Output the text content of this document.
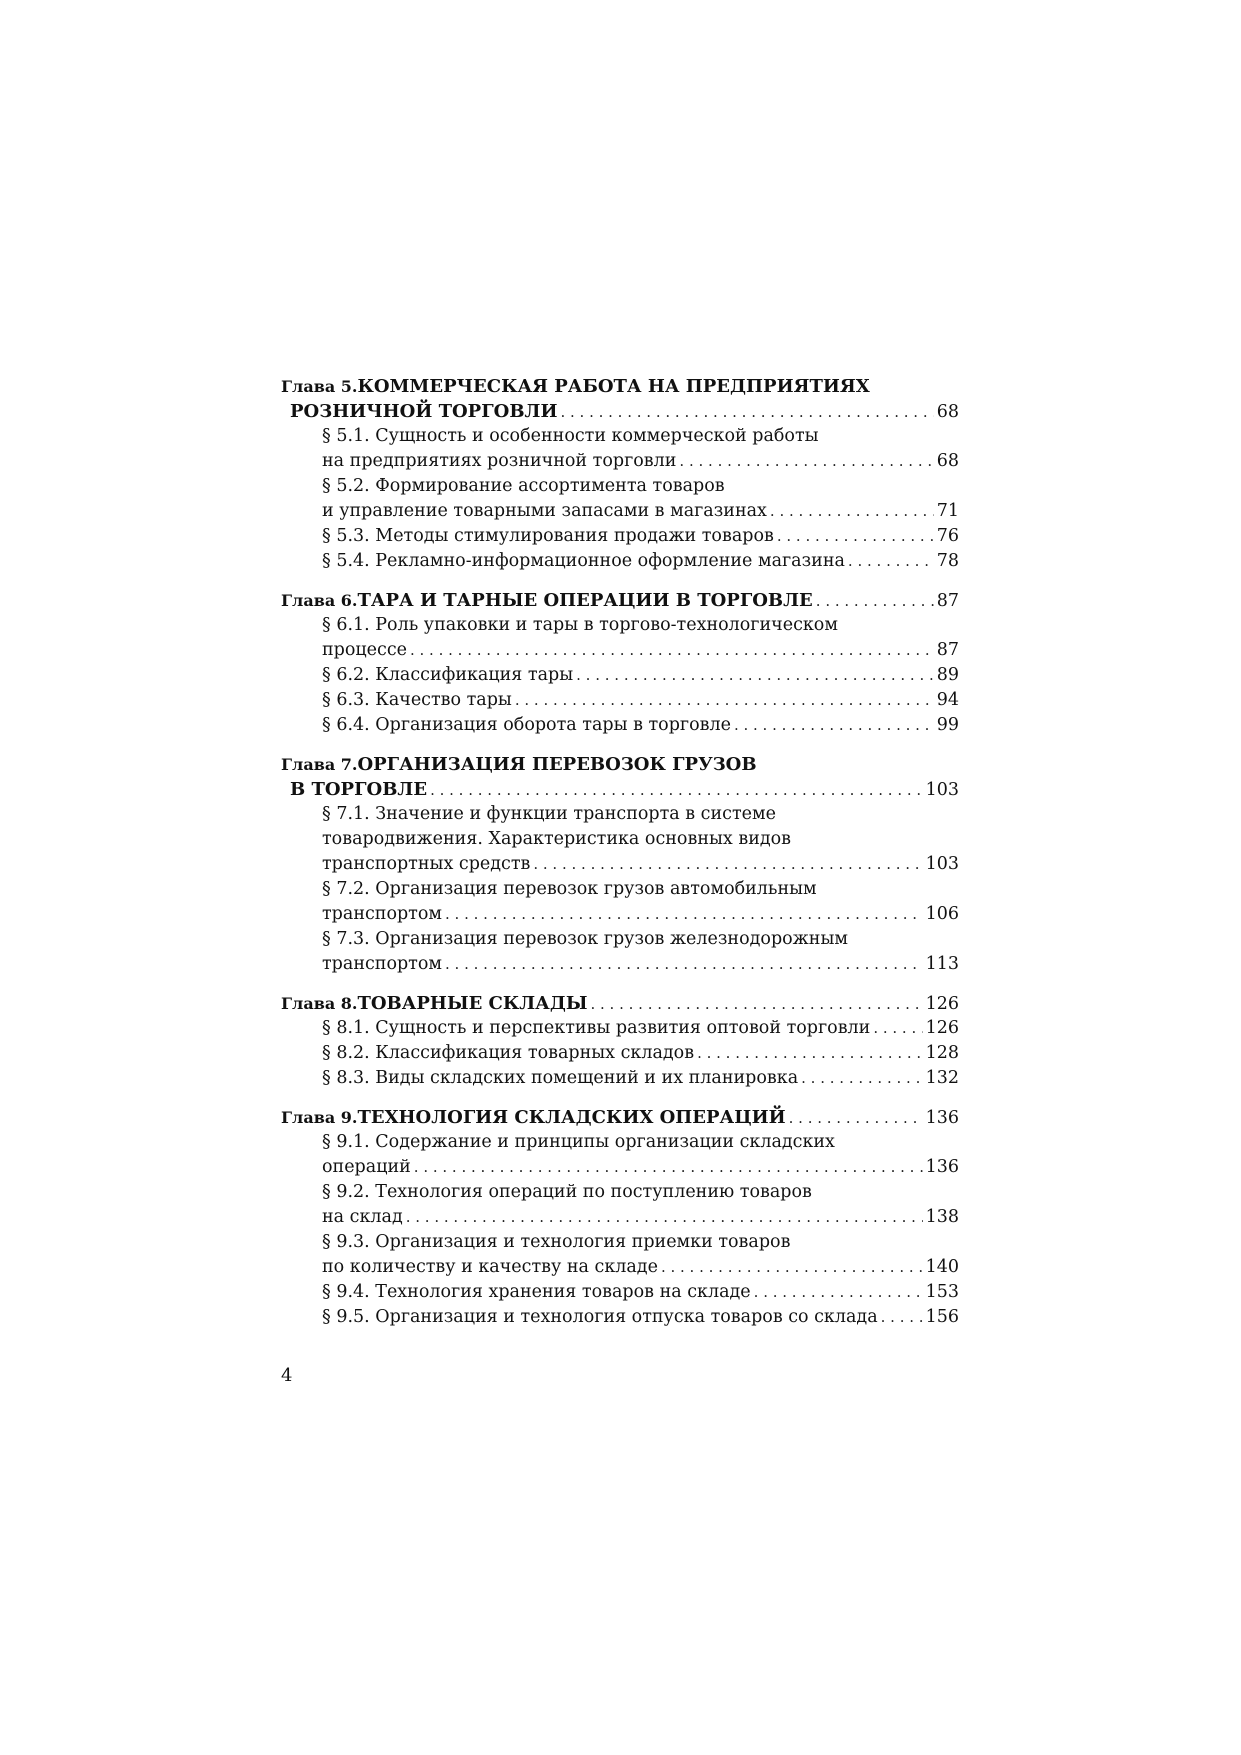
Глава 5. КОММЕРЧЕСКАЯ РАБОТА НА ПРЕДПРИЯТИЯХ
РОЗНИЧНОЙ ТОРГОВЛИ . . .	68
§ 5.1. Сущность и особенности коммерческой работы
на предприятиях розничной торговли . . .	68
§ 5.2. Формирование ассортимента товаров
и управление товарными запасами в магазинах . . .	71
§ 5.3. Методы стимулирования продажи товаров . . .	76
§ 5.4. Рекламно-информационное оформление магазина . . .	78
Глава 6. ТАРА И ТАРНЫЕ ОПЕРАЦИИ В ТОРГОВЛЕ . . .	87
§ 6.1. Роль упаковки и тары в торгово-технологическом
процессе . . .	87
§ 6.2. Классификация тары . . .	89
§ 6.3. Качество тары . . .	94
§ 6.4. Организация оборота тары в торговле . . .	99
Глава 7. ОРГАНИЗАЦИЯ ПЕРЕВОЗОК ГРУЗОВ
В ТОРГОВЛЕ . . .	103
§ 7.1. Значение и функции транспорта в системе
товародвижения. Характеристика основных видов
транспортных средств . . .	103
§ 7.2. Организация перевозок грузов автомобильным
транспортом . . .	106
§ 7.3. Организация перевозок грузов железнодорожным
транспортом . . .	113
Глава 8. ТОВАРНЫЕ СКЛАДЫ . . .	126
§ 8.1. Сущность и перспективы развития оптовой торговли . . .	126
§ 8.2. Классификация товарных складов . . .	128
§ 8.3. Виды складских помещений и их планировка . . .	132
Глава 9. ТЕХНОЛОГИЯ СКЛАДСКИХ ОПЕРАЦИЙ . . .	136
§ 9.1. Содержание и принципы организации складских
операций . . .	136
§ 9.2. Технология операций по поступлению товаров
на склад . . .	138
§ 9.3. Организация и технология приемки товаров
по количеству и качеству на складе . . .	140
§ 9.4. Технология хранения товаров на складе . . .	153
§ 9.5. Организация и технология отпуска товаров со склада . . .	156
4
